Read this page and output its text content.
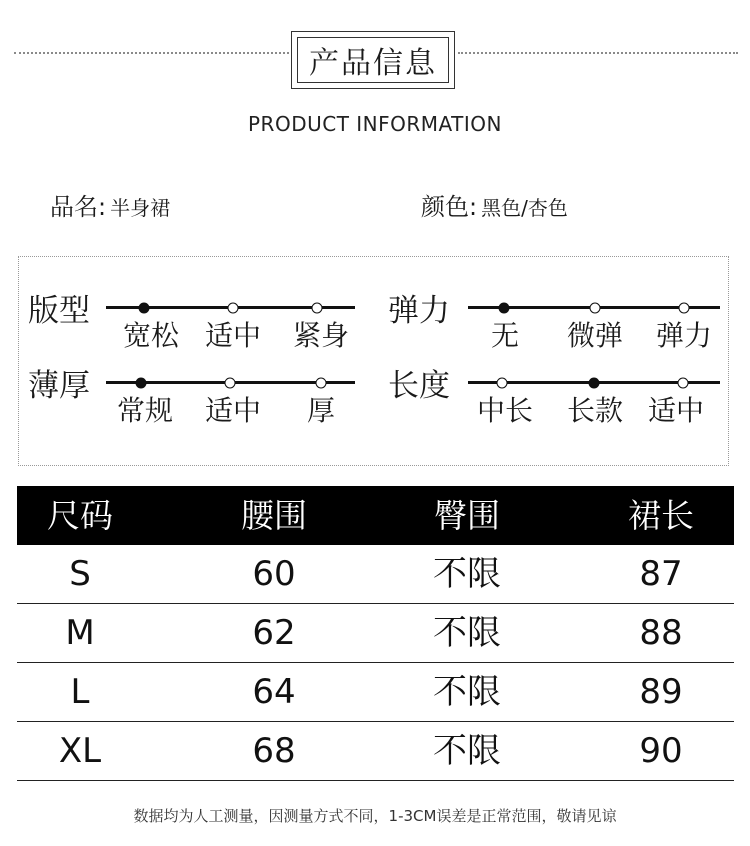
产品信息
PRODUCT INFORMATION
品名: 半身裙	颜色: 黑色/杏色
版型
宽松 适中 紧身
弹力
无 微弹 弹力
薄厚
常规 适中 厚
长度
中长 长款 适中
尺码	腰围	臀围	裙长
S	60	不限	87
M	62	不限	88
L	64	不限	89
XL	68	不限	90
数据均为人工测量，因测量方式不同，1-3CM误差是正常范围，敬请见谅
